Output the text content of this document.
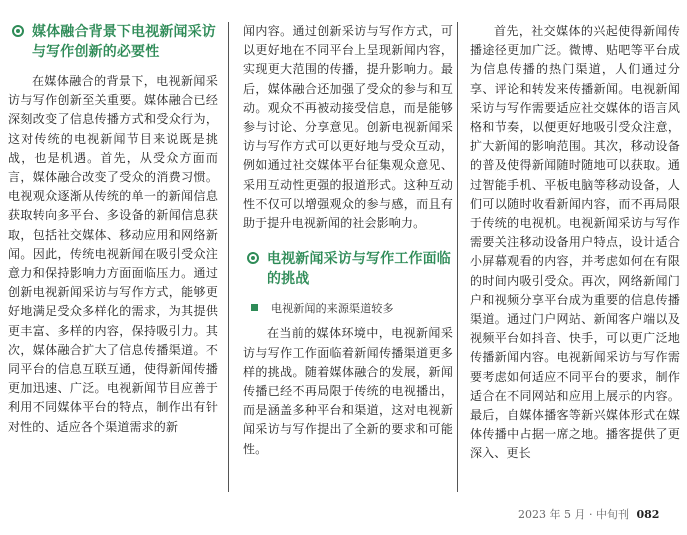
媒体融合背景下电视新闻采访与写作创新的必要性

在媒体融合的背景下，电视新闻采访与写作创新至关重要。媒体融合已经深刻改变了信息传播方式和受众行为，这对传统的电视新闻节目来说既是挑战，也是机遇。首先，从受众方面而言，媒体融合改变了受众的消费习惯。电视观众逐渐从传统的单一的新闻信息获取转向多平台、多设备的新闻信息获取，包括社交媒体、移动应用和网络新闻。因此，传统电视新闻在吸引受众注意力和保持影响力方面面临压力。通过创新电视新闻采访与写作方式，能够更好地满足受众多样化的需求，为其提供更丰富、多样的内容，保持吸引力。其次，媒体融合扩大了信息传播渠道。不同平台的信息互联互通，使得新闻传播更加迅速、广泛。电视新闻节目应善于利用不同媒体平台的特点，制作出有针对性的、适应各个渠道需求的新

闻内容。通过创新采访与写作方式，可以更好地在不同平台上呈现新闻内容，实现更大范围的传播，提升影响力。最后，媒体融合还加强了受众的参与和互动。观众不再被动接受信息，而是能够参与讨论、分享意见。创新电视新闻采访与写作方式可以更好地与受众互动，例如通过社交媒体平台征集观众意见、采用互动性更强的报道形式。这种互动性不仅可以增强观众的参与感，而且有助于提升电视新闻的社会影响力。

电视新闻采访与写作工作面临的挑战
电视新闻的来源渠道较多

在当前的媒体环境中，电视新闻采访与写作工作面临着新闻传播渠道更多样的挑战。随着媒体融合的发展，新闻传播已经不再局限于传统的电视播出，而是涵盖多种平台和渠道，这对电视新闻采访与写作提出了全新的要求和可能性。

首先，社交媒体的兴起使得新闻传播途径更加广泛。微博、贴吧等平台成为信息传播的热门渠道，人们通过分享、评论和转发来传播新闻。电视新闻采访与写作需要适应社交媒体的语言风格和节奏，以便更好地吸引受众注意，扩大新闻的影响范围。其次，移动设备的普及使得新闻随时随地可以获取。通过智能手机、平板电脑等移动设备，人们可以随时收看新闻内容，而不再局限于传统的电视机。电视新闻采访与写作需要关注移动设备用户特点，设计适合小屏幕观看的内容，并考虑如何在有限的时间内吸引受众。再次，网络新闻门户和视频分享平台成为重要的信息传播渠道。通过门户网站、新闻客户端以及视频平台如抖音、快手，可以更广泛地传播新闻内容。电视新闻采访与写作需要考虑如何适应不同平台的要求，制作适合在不同网站和应用上展示的内容。最后，自媒体播客等新兴媒体形式在媒体传播中占据一席之地。播客提供了更深入、更长

2023 年 5 月 · 中旬刊 082
